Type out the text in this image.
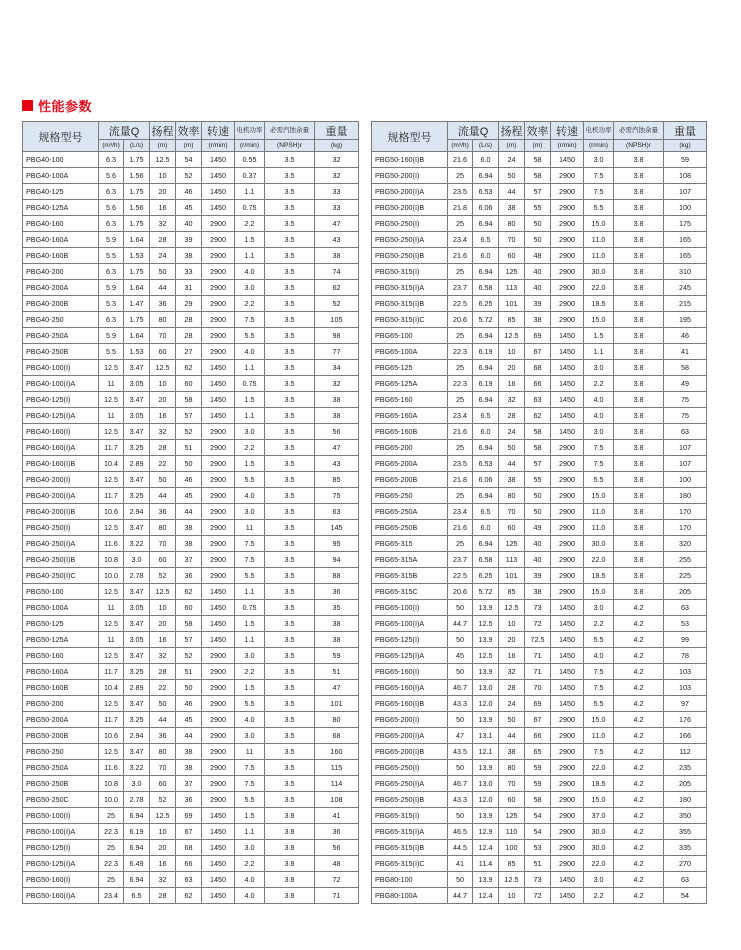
性能参数
规格型号	流量Q		扬程	效率	转速	电机功率	必需汽蚀余量	重量
	(m³/h)	(L/s)	(m)	(m)	(r/min)	(r/min)	(NPSH)r	(kg)
PBG40-100	6.3	1.75	12.5	54	1450	0.55	3.5	32
PBG40-100A	5.6	1.56	10	52	1450	0.37	3.5	32
PBG40-125	6.3	1.75	20	46	1450	1.1	3.5	33
PBG40-125A	5.6	1.56	16	45	1450	0.75	3.5	33
PBG40-160	6.3	1.75	32	40	2900	2.2	3.5	47
PBG40-160A	5.9	1.64	28	39	2900	1.5	3.5	43
PBG40-160B	5.5	1.53	24	38	2900	1.1	3.5	38
PBG40-200	6.3	1.75	50	33	2900	4.0	3.5	74
PBG40-200A	5.9	1.64	44	31	2900	3.0	3.5	62
PBG40-200B	5.3	1.47	36	29	2900	2.2	3.5	52
PBG40-250	6.3	1.75	80	28	2900	7.5	3.5	105
PBG40-250A	5.9	1.64	70	28	2900	5.5	3.5	98
PBG40-250B	5.5	1.53	60	27	2900	4.0	3.5	77
PBG40-100(I)	12.5	3.47	12.5	62	1450	1.1	3.5	34
PBG40-100(I)A	11	3.05	10	60	1450	0.75	3.5	32
PBG40-125(I)	12.5	3.47	20	58	1450	1.5	3.5	38
PBG40-125(I)A	11	3.05	16	57	1450	1.1	3.5	38
PBG40-160(I)	12.5	3.47	32	52	2900	3.0	3.5	56
PBG40-160(I)A	11.7	3.25	28	51	2900	2.2	3.5	47
PBG40-160(I)B	10.4	2.89	22	50	2900	1.5	3.5	43
PBG40-200(I)	12.5	3.47	50	46	2900	5.5	3.5	85
PBG40-200(I)A	11.7	3.25	44	45	2900	4.0	3.5	75
PBG40-200(I)B	10.6	2.94	36	44	2900	3.0	3.5	63
PBG40-250(I)	12.5	3.47	80	38	2900	11	3.5	145
PBG40-250(I)A	11.6	3.22	70	38	2900	7.5	3.5	95
PBG40-250(I)B	10.8	3.0	60	37	2900	7.5	3.5	94
PBG40-250(I)C	10.0	2.78	52	36	2900	5.5	3.5	88
PBG50-100	12.5	3.47	12.5	62	1450	1.1	3.5	36
PBG50-100A	11	3.05	10	60	1450	0.75	3.5	35
PBG50-125	12.5	3.47	20	58	1450	1.5	3.5	38
PBG50-125A	11	3.05	16	57	1450	1.1	3.5	38
PBG50-160	12.5	3.47	32	52	2900	3.0	3.5	59
PBG50-160A	11.7	3.25	28	51	2900	2.2	3.5	51
PBG50-160B	10.4	2.89	22	50	2900	1.5	3.5	47
PBG50-200	12.5	3.47	50	46	2900	5.5	3.5	101
PBG50-200A	11.7	3.25	44	45	2900	4.0	3.5	80
PBG50-200B	10.6	2.94	36	44	2900	3.0	3.5	68
PBG50-250	12.5	3.47	80	38	2900	11	3.5	160
PBG50-250A	11.6	3.22	70	38	2900	7.5	3.5	115
PBG50-250B	10.8	3.0	60	37	2900	7.5	3.5	114
PBG50-250C	10.0	2.78	52	36	2900	5.5	3.5	108
PBG50-100(I)	25	6.94	12.5	69	1450	1.5	3.8	41
PBG50-100(I)A	22.3	6.19	10	67	1450	1.1	3.8	36
PBG50-125(I)	25	6.94	20	68	1450	3.0	3.8	56
PBG50-125(I)A	22.3	6.49	16	66	1450	2.2	3.8	48
PBG50-160(I)	25	6.94	32	63	1450	4.0	3.8	72
PBG50-160(I)A	23.4	6.5	28	62	1450	4.0	3.8	71
规格型号	流量Q		扬程	效率	转速	电机功率	必需汽蚀余量	重量
	(m³/h)	(L/s)	(m)	(m)	(r/min)	(r/min)	(NPSH)r	(kg)
PBG50-160(I)B	21.6	6.0	24	58	1450	3.0	3.8	59
PBG50-200(I)	25	6.94	50	58	2900	7.5	3.8	108
PBG50-200(I)A	23.5	6.53	44	57	2900	7.5	3.8	107
PBG50-200(I)B	21.8	6.06	38	55	2900	5.5	3.8	100
PBG50-250(I)	25	6.94	80	50	2900	15.0	3.8	175
PBG50-250(I)A	23.4	6.5	70	50	2900	11.0	3.8	165
PBG50-250(I)B	21.6	6.0	60	48	2900	11.0	3.8	165
PBG50-315(I)	25	6.94	125	40	2900	30.0	3.8	310
PBG50-315(I)A	23.7	6.58	113	40	2900	22.0	3.8	245
PBG50-315(I)B	22.5	6.25	101	39	2900	18.5	3.8	215
PBG50-315(I)C	20.6	5.72	85	38	2900	15.0	3.8	195
PBG65-100	25	6.94	12.5	69	1450	1.5	3.8	46
PBG65-100A	22.3	6.19	10	67	1450	1.1	3.8	41
PBG65-125	25	6.94	20	68	1450	3.0	3.8	58
PBG65-125A	22.3	6.19	16	66	1450	2.2	3.8	49
PBG65-160	25	6.94	32	63	1450	4.0	3.8	75
PBG65-160A	23.4	6.5	28	62	1450	4.0	3.8	75
PBG65-160B	21.6	6.0	24	58	1450	3.0	3.8	63
PBG65-200	25	6.94	50	58	2900	7.5	3.8	107
PBG65-200A	23.5	6.53	44	57	2900	7.5	3.8	107
PBG65-200B	21.8	6.06	38	55	2900	5.5	3.8	100
PBG65-250	25	6.94	80	50	2900	15.0	3.8	180
PBG65-250A	23.4	6.5	70	50	2900	11.0	3.8	170
PBG65-250B	21.6	6.0	60	49	2900	11.0	3.8	170
PBG65-315	25	6.94	125	40	2900	30.0	3.8	320
PBG65-315A	23.7	6.58	113	40	2900	22.0	3.8	255
PBG65-315B	22.5	6.25	101	39	2900	18.5	3.8	225
PBG65-315C	20.6	5.72	85	38	2900	15.0	3.8	205
PBG65-100(I)	50	13.9	12.5	73	1450	3.0	4.2	63
PBG65-100(I)A	44.7	12.5	10	72	1450	2.2	4.2	53
PBG65-125(I)	50	13.9	20	72.5	1450	5.5	4.2	99
PBG65-125(I)A	45	12.5	16	71	1450	4.0	4.2	78
PBG65-160(I)	50	13.9	32	71	1450	7.5	4.2	103
PBG65-160(I)A	46.7	13.0	28	70	1450	7.5	4.2	103
PBG65-160(I)B	43.3	12.0	24	69	1450	5.5	4.2	97
PBG65-200(I)	50	13.9	50	67	2900	15.0	4.2	176
PBG65-200(I)A	47	13.1	44	66	2900	11.0	4.2	166
PBG65-200(I)B	43.5	12.1	38	65	2900	7.5	4.2	112
PBG65-250(I)	50	13.9	80	59	2900	22.0	4.2	235
PBG65-250(I)A	46.7	13.0	70	59	2900	18.5	4.2	205
PBG65-250(I)B	43.3	12.0	60	58	2900	15.0	4.2	180
PBG65-315(I)	50	13.9	125	54	2900	37.0	4.2	350
PBG65-315(I)A	46.5	12.9	110	54	2900	30.0	4.2	355
PBG65-315(I)B	44.5	12.4	100	53	2900	30.0	4.2	335
PBG65-315(I)C	41	11.4	85	51	2900	22.0	4.2	270
PBG80-100	50	13.9	12.5	73	1450	3.0	4.2	63
PBG80-100A	44.7	12.4	10	72	1450	2.2	4.2	54
